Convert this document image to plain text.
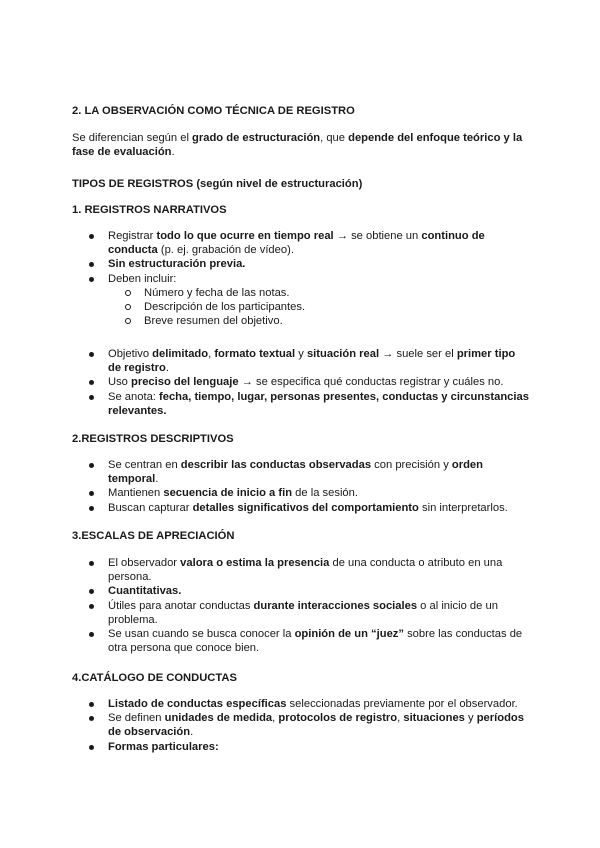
2. LA OBSERVACIÓN COMO TÉCNICA DE REGISTRO

Se diferencian según el grado de estructuración, que depende del enfoque teórico y la fase de evaluación.

TIPOS DE REGISTROS (según nivel de estructuración)
1. REGISTROS NARRATIVOS
Registrar todo lo que ocurre en tiempo real → se obtiene un continuo de conducta (p. ej. grabación de vídeo).
Sin estructuración previa.
Deben incluir:
Número y fecha de las notas.
Descripción de los participantes.
Breve resumen del objetivo.
Objetivo delimitado, formato textual y situación real → suele ser el primer tipo de registro.
Uso preciso del lenguaje → se especifica qué conductas registrar y cuáles no.
Se anota: fecha, tiempo, lugar, personas presentes, conductas y circunstancias relevantes.
2.REGISTROS DESCRIPTIVOS
Se centran en describir las conductas observadas con precisión y orden temporal.
Mantienen secuencia de inicio a fin de la sesión.
Buscan capturar detalles significativos del comportamiento sin interpretarlos.
3.ESCALAS DE APRECIACIÓN
El observador valora o estima la presencia de una conducta o atributo en una persona.
Cuantitativas.
Útiles para anotar conductas durante interacciones sociales o al inicio de un problema.
Se usan cuando se busca conocer la opinión de un “juez” sobre las conductas de otra persona que conoce bien.
4.CATÁLOGO DE CONDUCTAS
Listado de conductas específicas seleccionadas previamente por el observador.
Se definen unidades de medida, protocolos de registro, situaciones y períodos de observación.
Formas particulares:
